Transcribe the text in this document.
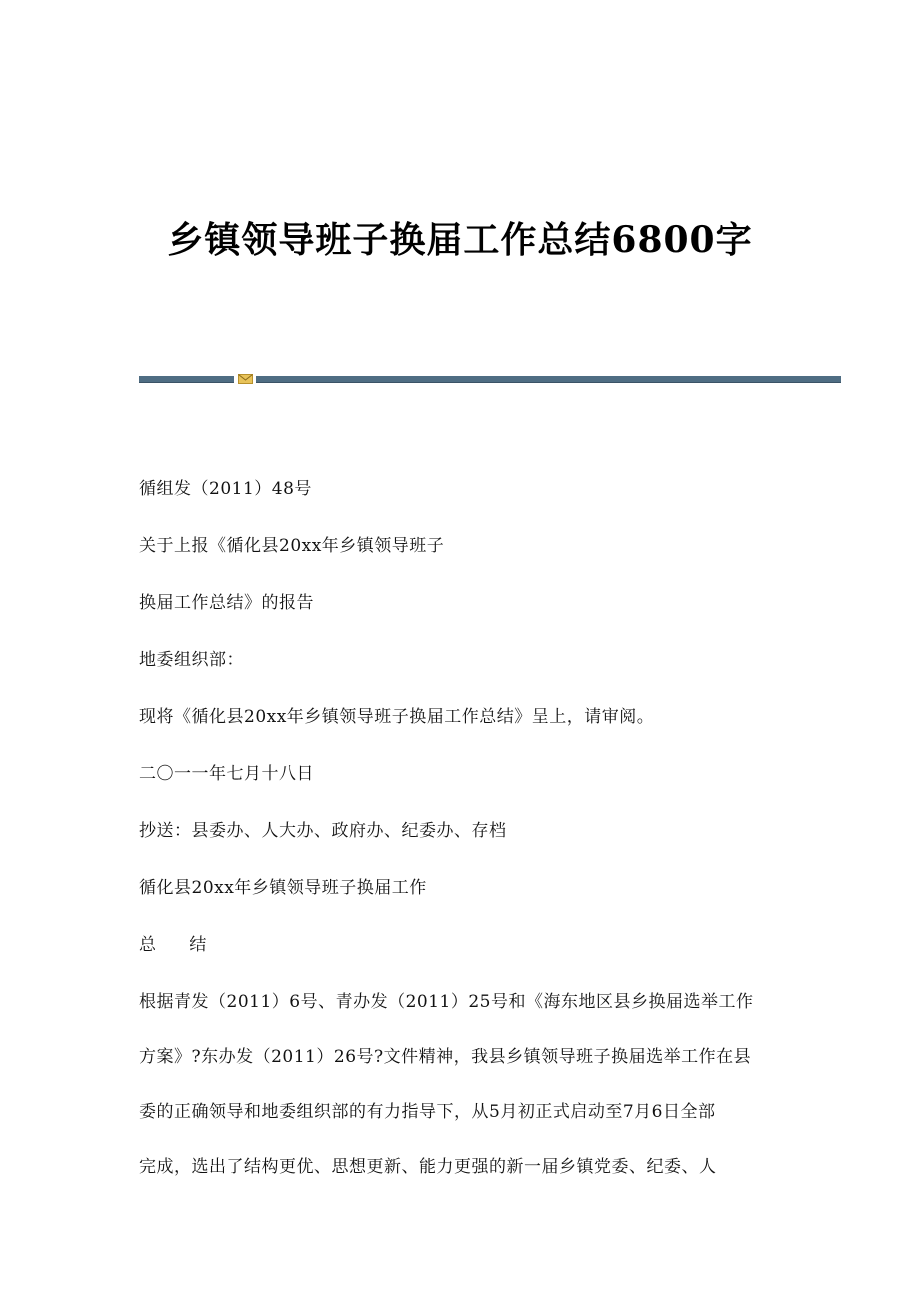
乡镇领导班子换届工作总结6800字
循组发（2011）48号
关于上报《循化县20xx年乡镇领导班子
换届工作总结》的报告
地委组织部：
现将《循化县20xx年乡镇领导班子换届工作总结》呈上，请审阅。
二〇一一年七月十八日
抄送：县委办、人大办、政府办、纪委办、存档
循化县20xx年乡镇领导班子换届工作
总 结
根据青发（2011）6号、青办发（2011）25号和《海东地区县乡换届选举工作
方案》?东办发（2011）26号?文件精神，我县乡镇领导班子换届选举工作在县
委的正确领导和地委组织部的有力指导下，从5月初正式启动至7月6日全部
完成，选出了结构更优、思想更新、能力更强的新一届乡镇党委、纪委、人
